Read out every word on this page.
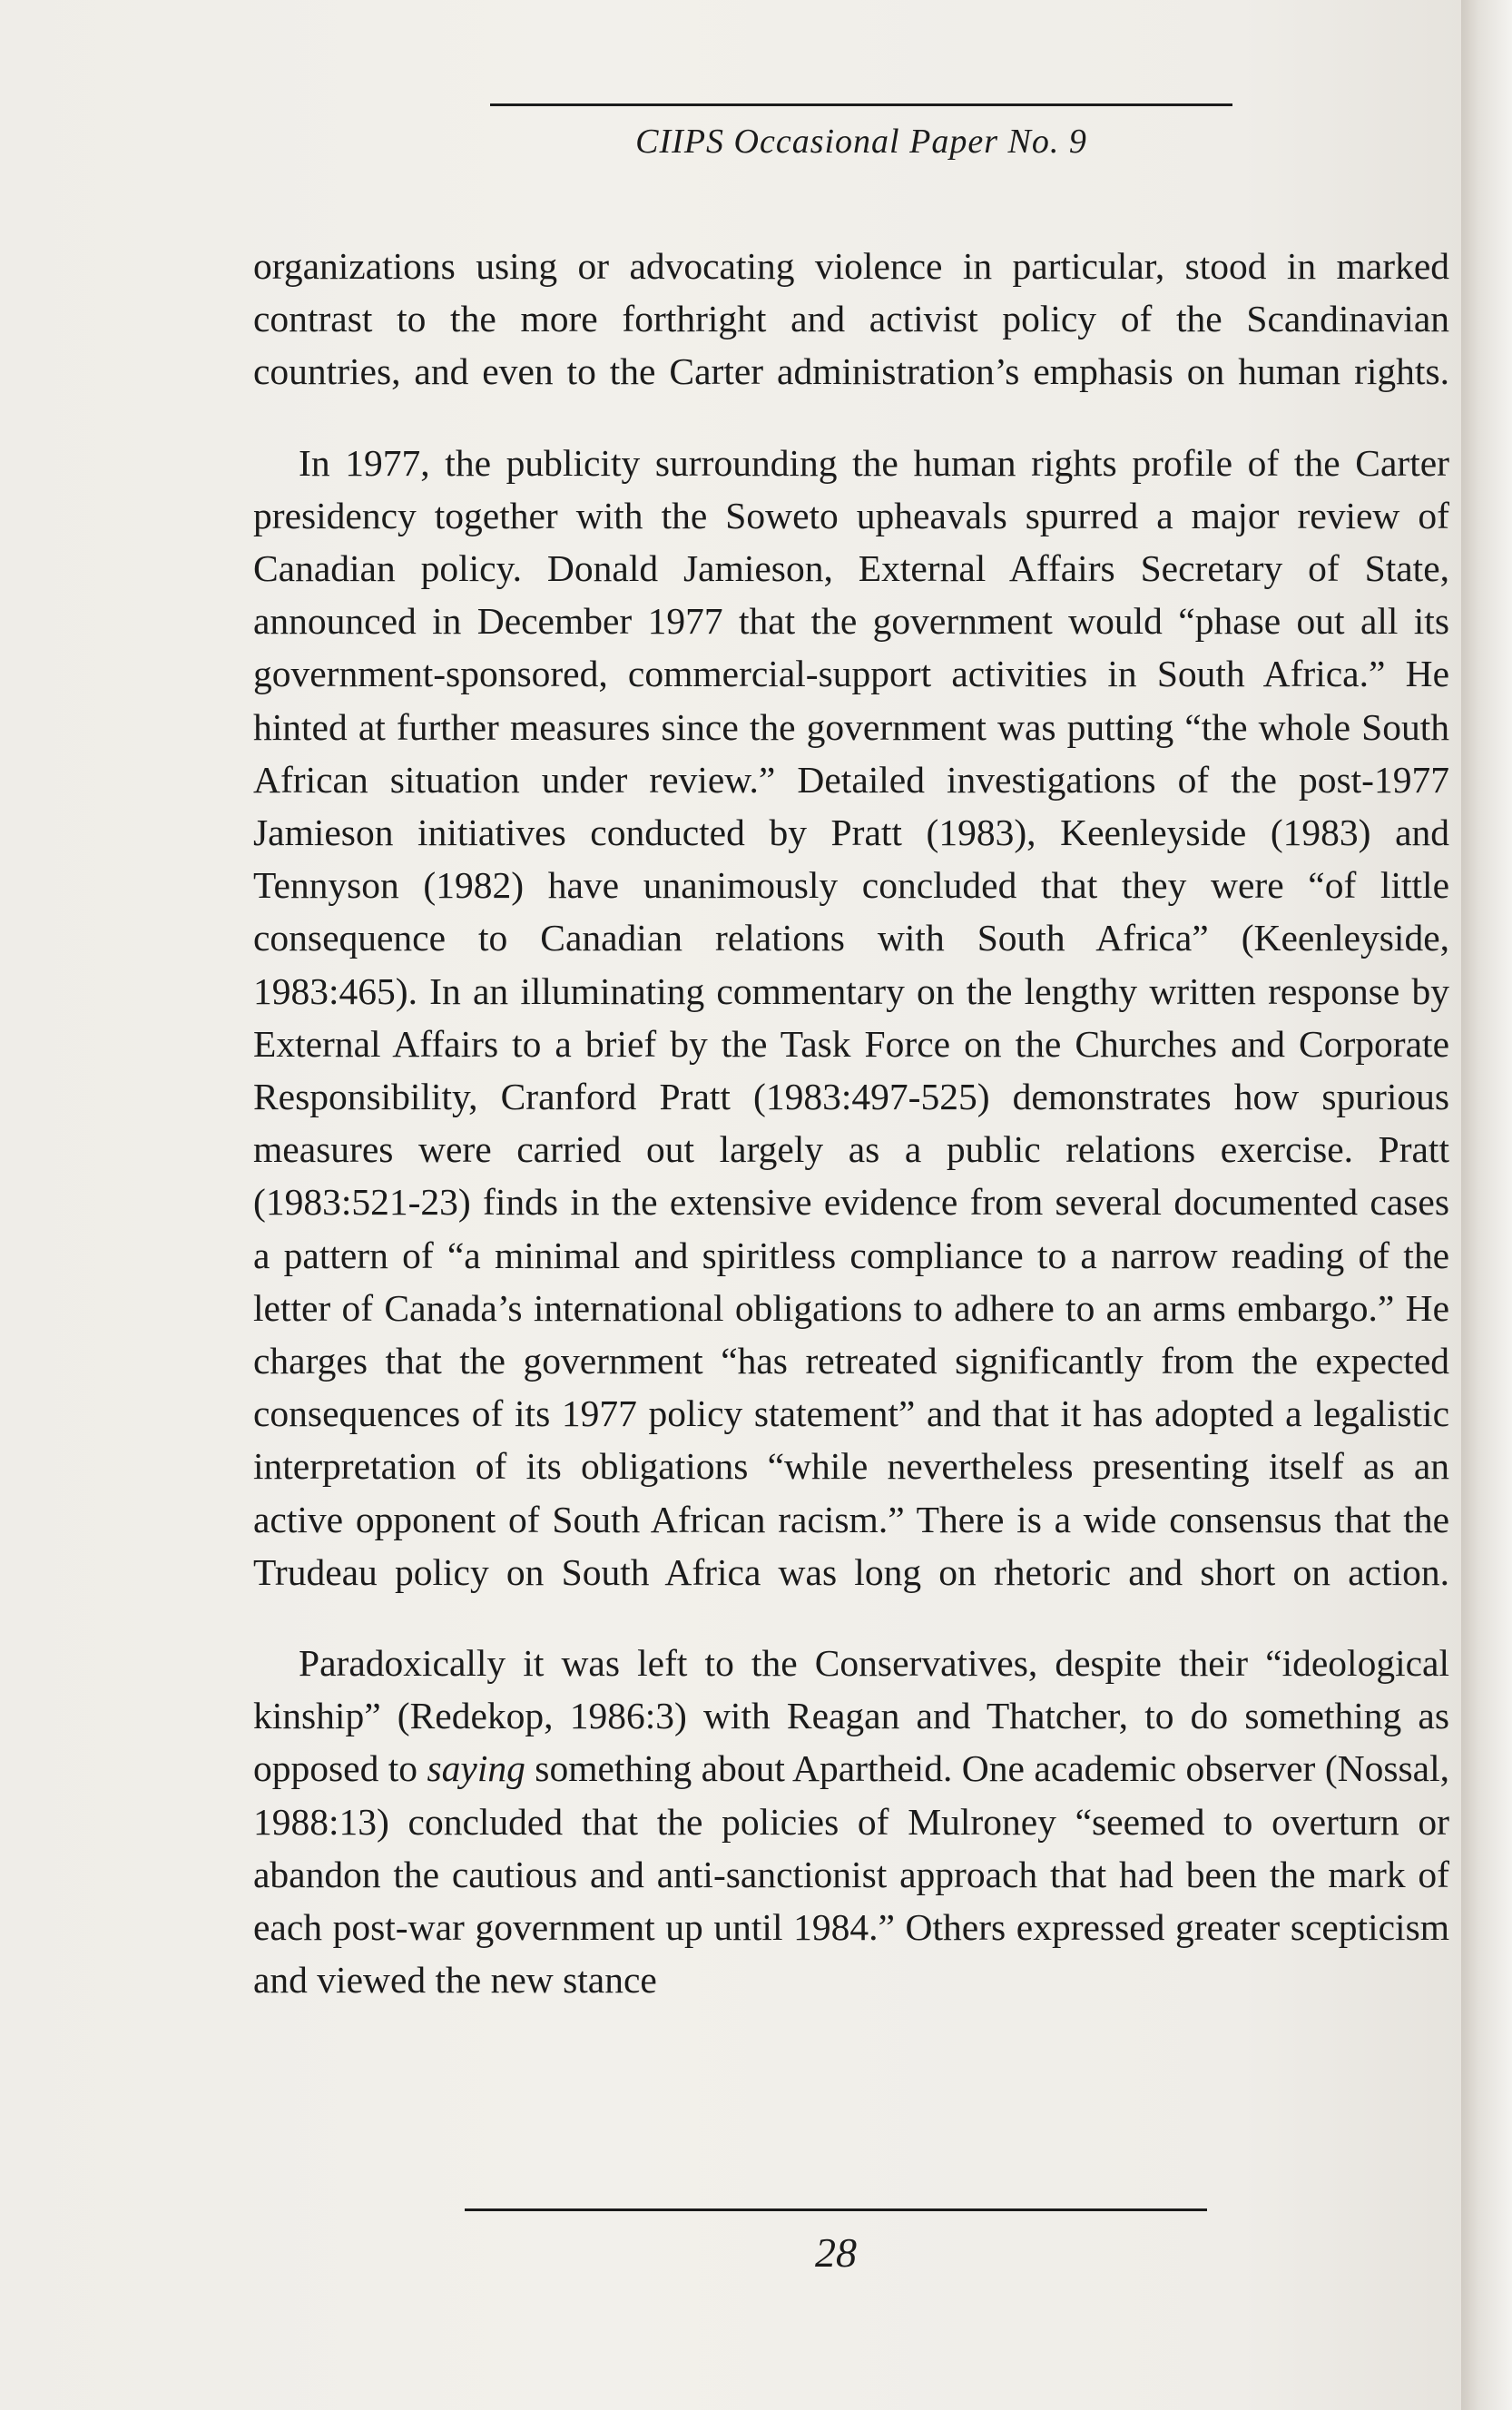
CIIPS Occasional Paper No. 9

organizations using or advocating violence in particular, stood in marked contrast to the more forthright and activist policy of the Scandinavian countries, and even to the Carter administration’s emphasis on human rights.

In 1977, the publicity surrounding the human rights profile of the Carter presidency together with the Soweto upheavals spurred a major review of Canadian policy. Donald Jamieson, External Affairs Secretary of State, announced in December 1977 that the government would “phase out all its government-sponsored, commercial-support activities in South Africa.” He hinted at further measures since the government was putting “the whole South African situation under review.” Detailed investigations of the post-1977 Jamieson initiatives conducted by Pratt (1983), Keenleyside (1983) and Tennyson (1982) have unanimously concluded that they were “of little consequence to Canadian relations with South Africa” (Keenleyside, 1983:465). In an illuminating commentary on the lengthy written response by External Affairs to a brief by the Task Force on the Churches and Corporate Responsibility, Cranford Pratt (1983:497-525) demonstrates how spurious measures were carried out largely as a public relations exercise. Pratt (1983:521-23) finds in the extensive evidence from several documented cases a pattern of “a minimal and spiritless compliance to a narrow reading of the letter of Canada’s international obligations to adhere to an arms embargo.” He charges that the government “has retreated significantly from the expected consequences of its 1977 policy statement” and that it has adopted a legalistic interpretation of its obligations “while nevertheless presenting itself as an active opponent of South African racism.” There is a wide consensus that the Trudeau policy on South Africa was long on rhetoric and short on action.

Paradoxically it was left to the Conservatives, despite their “ideological kinship” (Redekop, 1986:3) with Reagan and Thatcher, to do something as opposed to saying something about Apartheid. One academic observer (Nossal, 1988:13) concluded that the policies of Mulroney “seemed to overturn or abandon the cautious and anti-sanctionist approach that had been the mark of each post-war government up until 1984.” Others expressed greater scepticism and viewed the new stance

28
